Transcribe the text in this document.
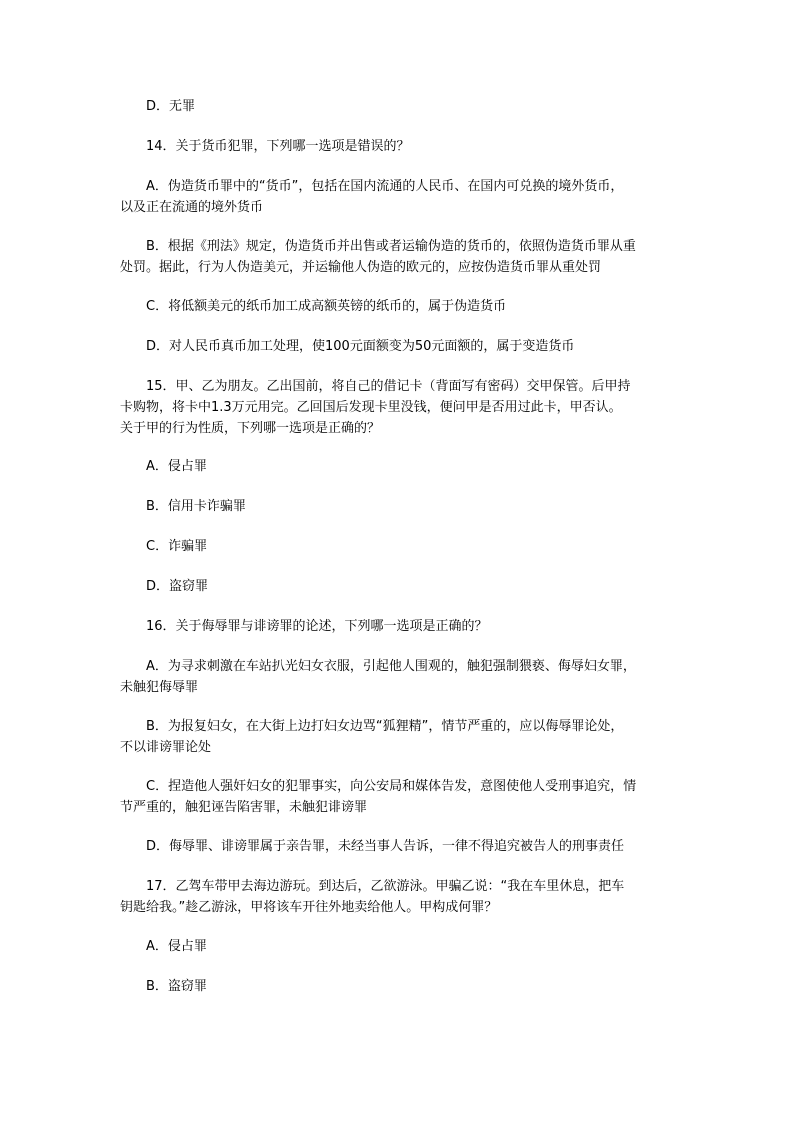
D．无罪
14．关于货币犯罪，下列哪一选项是错误的？
A．伪造货币罪中的“货币”，包括在国内流通的人民币、在国内可兑换的境外货币，
以及正在流通的境外货币
B．根据《刑法》规定，伪造货币并出售或者运输伪造的货币的，依照伪造货币罪从重
处罚。据此，行为人伪造美元，并运输他人伪造的欧元的，应按伪造货币罪从重处罚
C．将低额美元的纸币加工成高额英镑的纸币的，属于伪造货币
D．对人民币真币加工处理，使100元面额变为50元面额的，属于变造货币
15．甲、乙为朋友。乙出国前，将自己的借记卡（背面写有密码）交甲保管。后甲持
卡购物，将卡中1.3万元用完。乙回国后发现卡里没钱，便问甲是否用过此卡，甲否认。
关于甲的行为性质，下列哪一选项是正确的？
A．侵占罪
B．信用卡诈骗罪
C．诈骗罪
D．盗窃罪
16．关于侮辱罪与诽谤罪的论述，下列哪一选项是正确的？
A．为寻求刺激在车站扒光妇女衣服，引起他人围观的，触犯强制猥亵、侮辱妇女罪，
未触犯侮辱罪
B．为报复妇女，在大街上边打妇女边骂“狐狸精”，情节严重的，应以侮辱罪论处，
不以诽谤罪论处
C．捏造他人强奸妇女的犯罪事实，向公安局和媒体告发，意图使他人受刑事追究，情
节严重的，触犯诬告陷害罪，未触犯诽谤罪
D．侮辱罪、诽谤罪属于亲告罪，未经当事人告诉，一律不得追究被告人的刑事责任
17．乙驾车带甲去海边游玩。到达后，乙欲游泳。甲骗乙说：“我在车里休息，把车
钥匙给我。”趁乙游泳，甲将该车开往外地卖给他人。甲构成何罪？
A．侵占罪
B．盗窃罪
